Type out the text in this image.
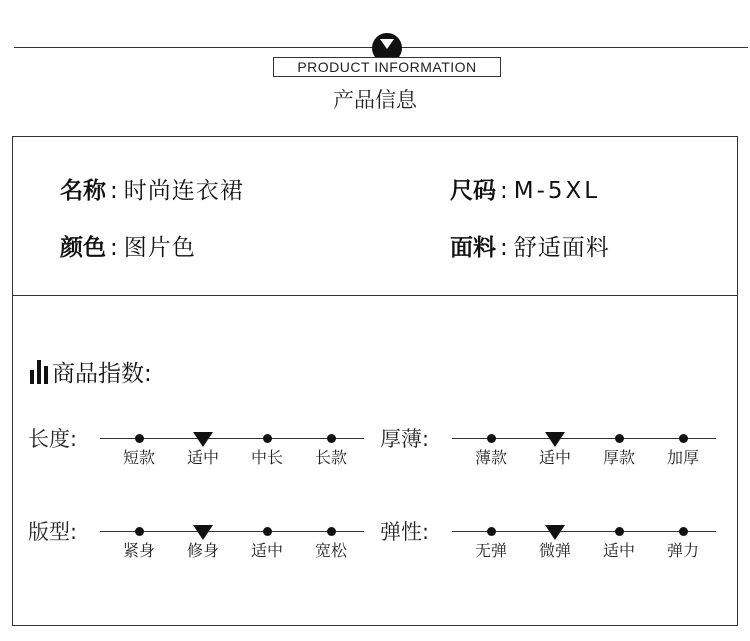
PRODUCT INFORMATION
产品信息
名称 : 时尚连衣裙	尺码 : M-5XL
颜色 : 图片色	面料 : 舒适面料
商品指数:
长度:
短款	适中	中长	长款
厚薄:
薄款	适中	厚款	加厚
版型:
紧身	修身	适中	宽松
弹性:
无弹	微弹	适中	弹力
